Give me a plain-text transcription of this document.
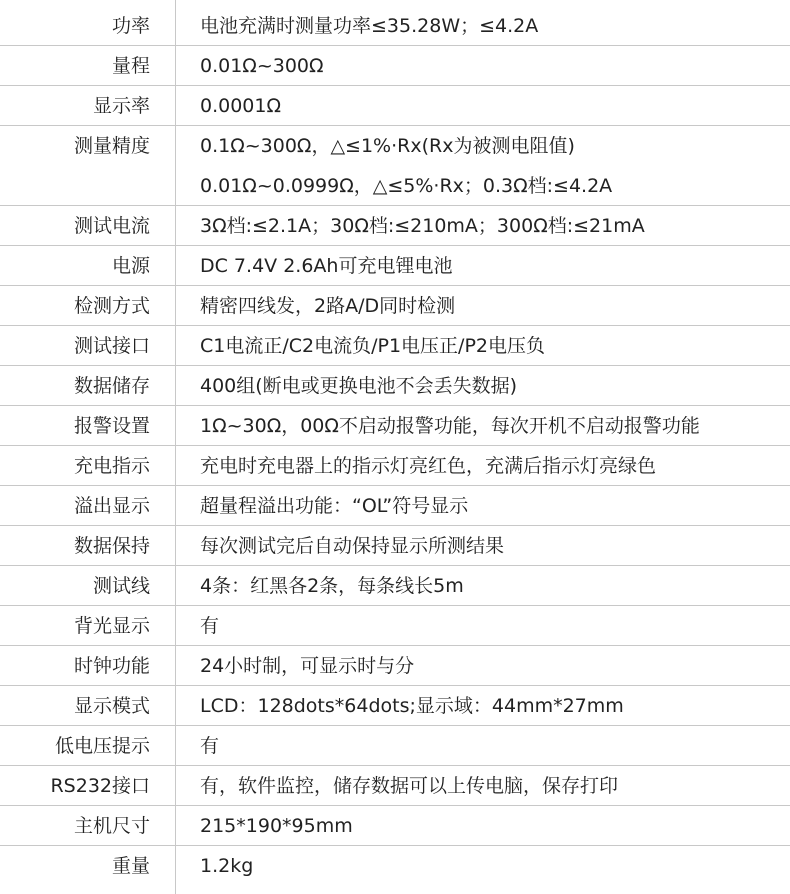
功率	电池充满时测量功率≤35.28W；≤4.2A
量程	0.01Ω~300Ω
显示率	0.0001Ω
测量精度	0.1Ω~300Ω，△≤1%·Rx(Rx为被测电阻值)
0.01Ω~0.0999Ω，△≤5%·Rx；0.3Ω档:≤4.2A
测试电流	3Ω档:≤2.1A；30Ω档:≤210mA；300Ω档:≤21mA
电源	DC 7.4V 2.6Ah可充电锂电池
检测方式	精密四线发，2路A/D同时检测
测试接口	C1电流正/C2电流负/P1电压正/P2电压负
数据储存	400组(断电或更换电池不会丢失数据)
报警设置	1Ω~30Ω，00Ω不启动报警功能，每次开机不启动报警功能
充电指示	充电时充电器上的指示灯亮红色，充满后指示灯亮绿色
溢出显示	超量程溢出功能：“OL”符号显示
数据保持	每次测试完后自动保持显示所测结果
测试线	4条：红黑各2条，每条线长5m
背光显示	有
时钟功能	24小时制，可显示时与分
显示模式	LCD：128dots*64dots;显示域：44mm*27mm
低电压提示	有
RS232接口	有，软件监控，储存数据可以上传电脑，保存打印
主机尺寸	215*190*95mm
重量	1.2kg
